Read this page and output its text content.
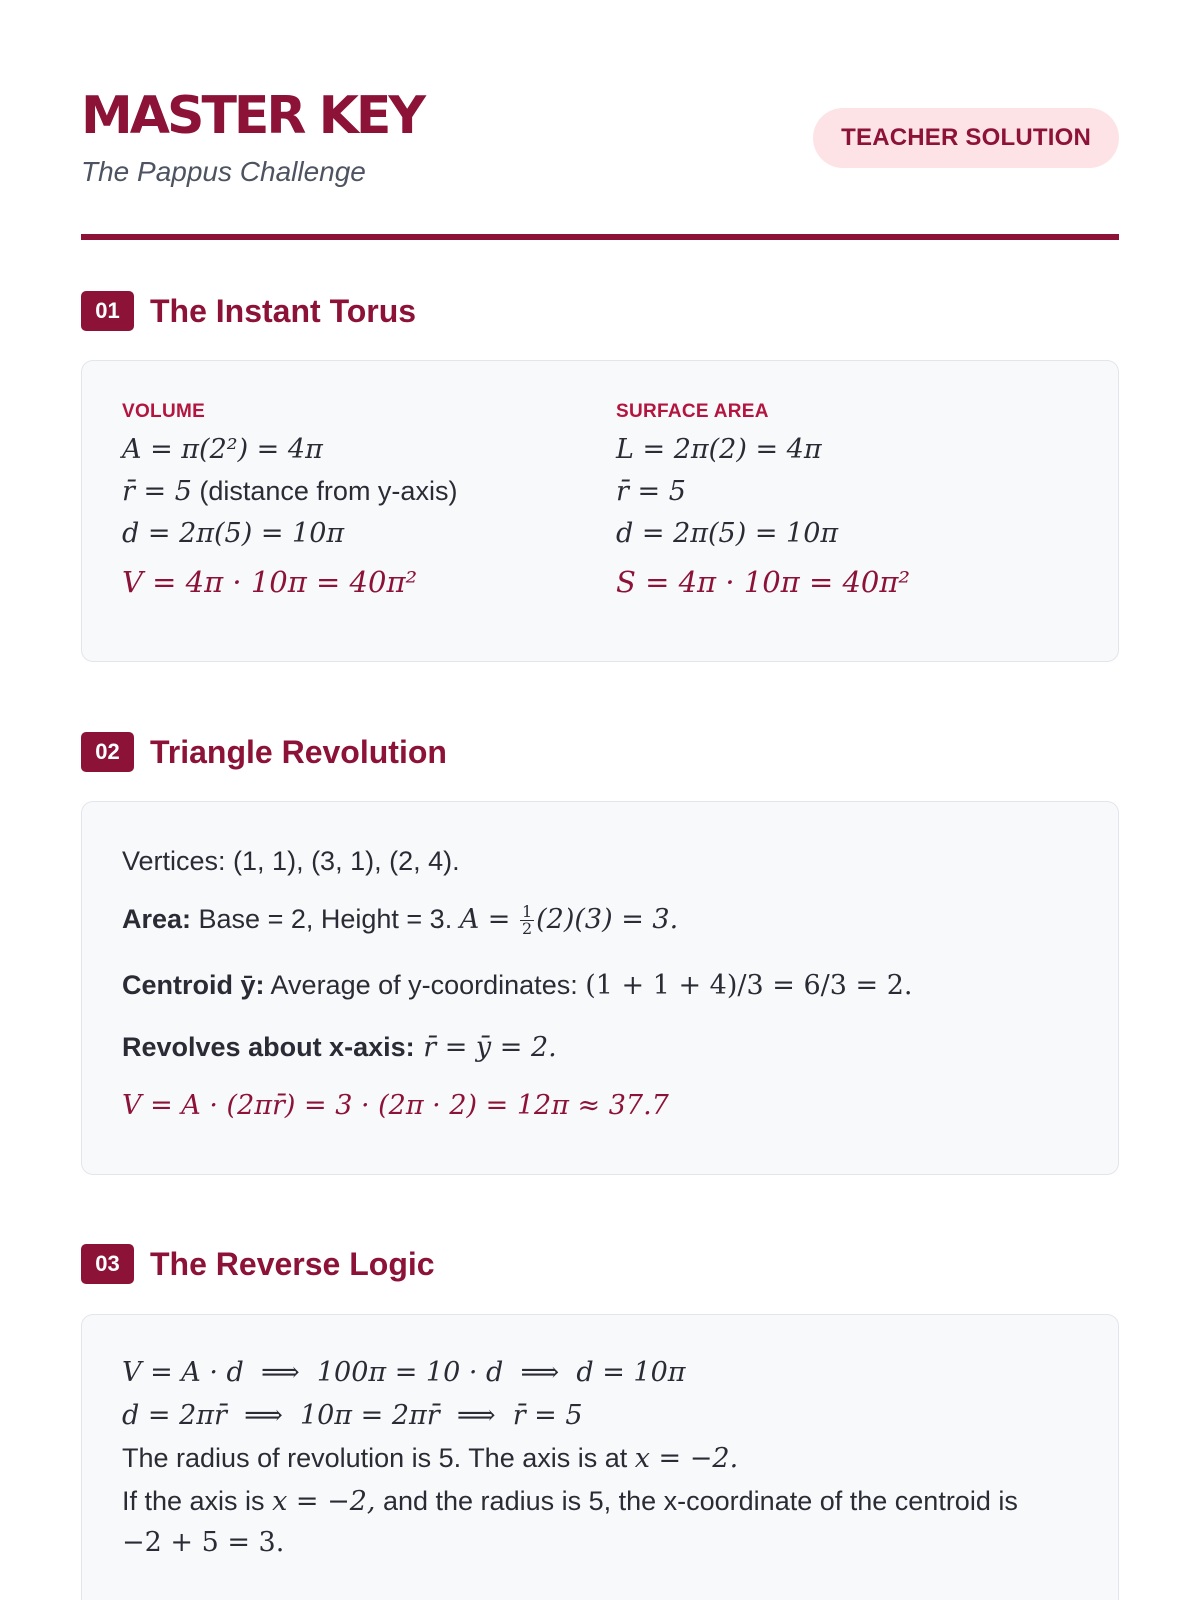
MASTER KEY
The Pappus Challenge
TEACHER SOLUTION
01 The Instant Torus
VOLUME
A = π(2²) = 4π
r̄ = 5 (distance from y-axis)
d = 2π(5) = 10π
V = 4π · 10π = 40π²
SURFACE AREA
L = 2π(2) = 4π
r̄ = 5
d = 2π(5) = 10π
S = 4π · 10π = 40π²
02 Triangle Revolution
Vertices: (1, 1), (3, 1), (2, 4).
Area: Base = 2, Height = 3. $A = \frac{1}{2} (2)(3) = 3$.
Centroid ȳ: Average of y-coordinates: (1 + 1 + 4)/3 = 6/3 = 2.
Revolves about x-axis: r̄ = ȳ = 2.
V = A · (2πr̄) = 3 · (2π · 2) = 12π ≈ 37.7
03 The Reverse Logic
V = A · d  ⟹  100π = 10 · d  ⟹  d = 10π
d = 2πr̄  ⟹  10π = 2πr̄  ⟹  r̄ = 5
The radius of revolution is 5. The axis is at x = −2.
If the axis is x = −2, and the radius is 5, the x-coordinate of the centroid is
−2 + 5 = 3.
